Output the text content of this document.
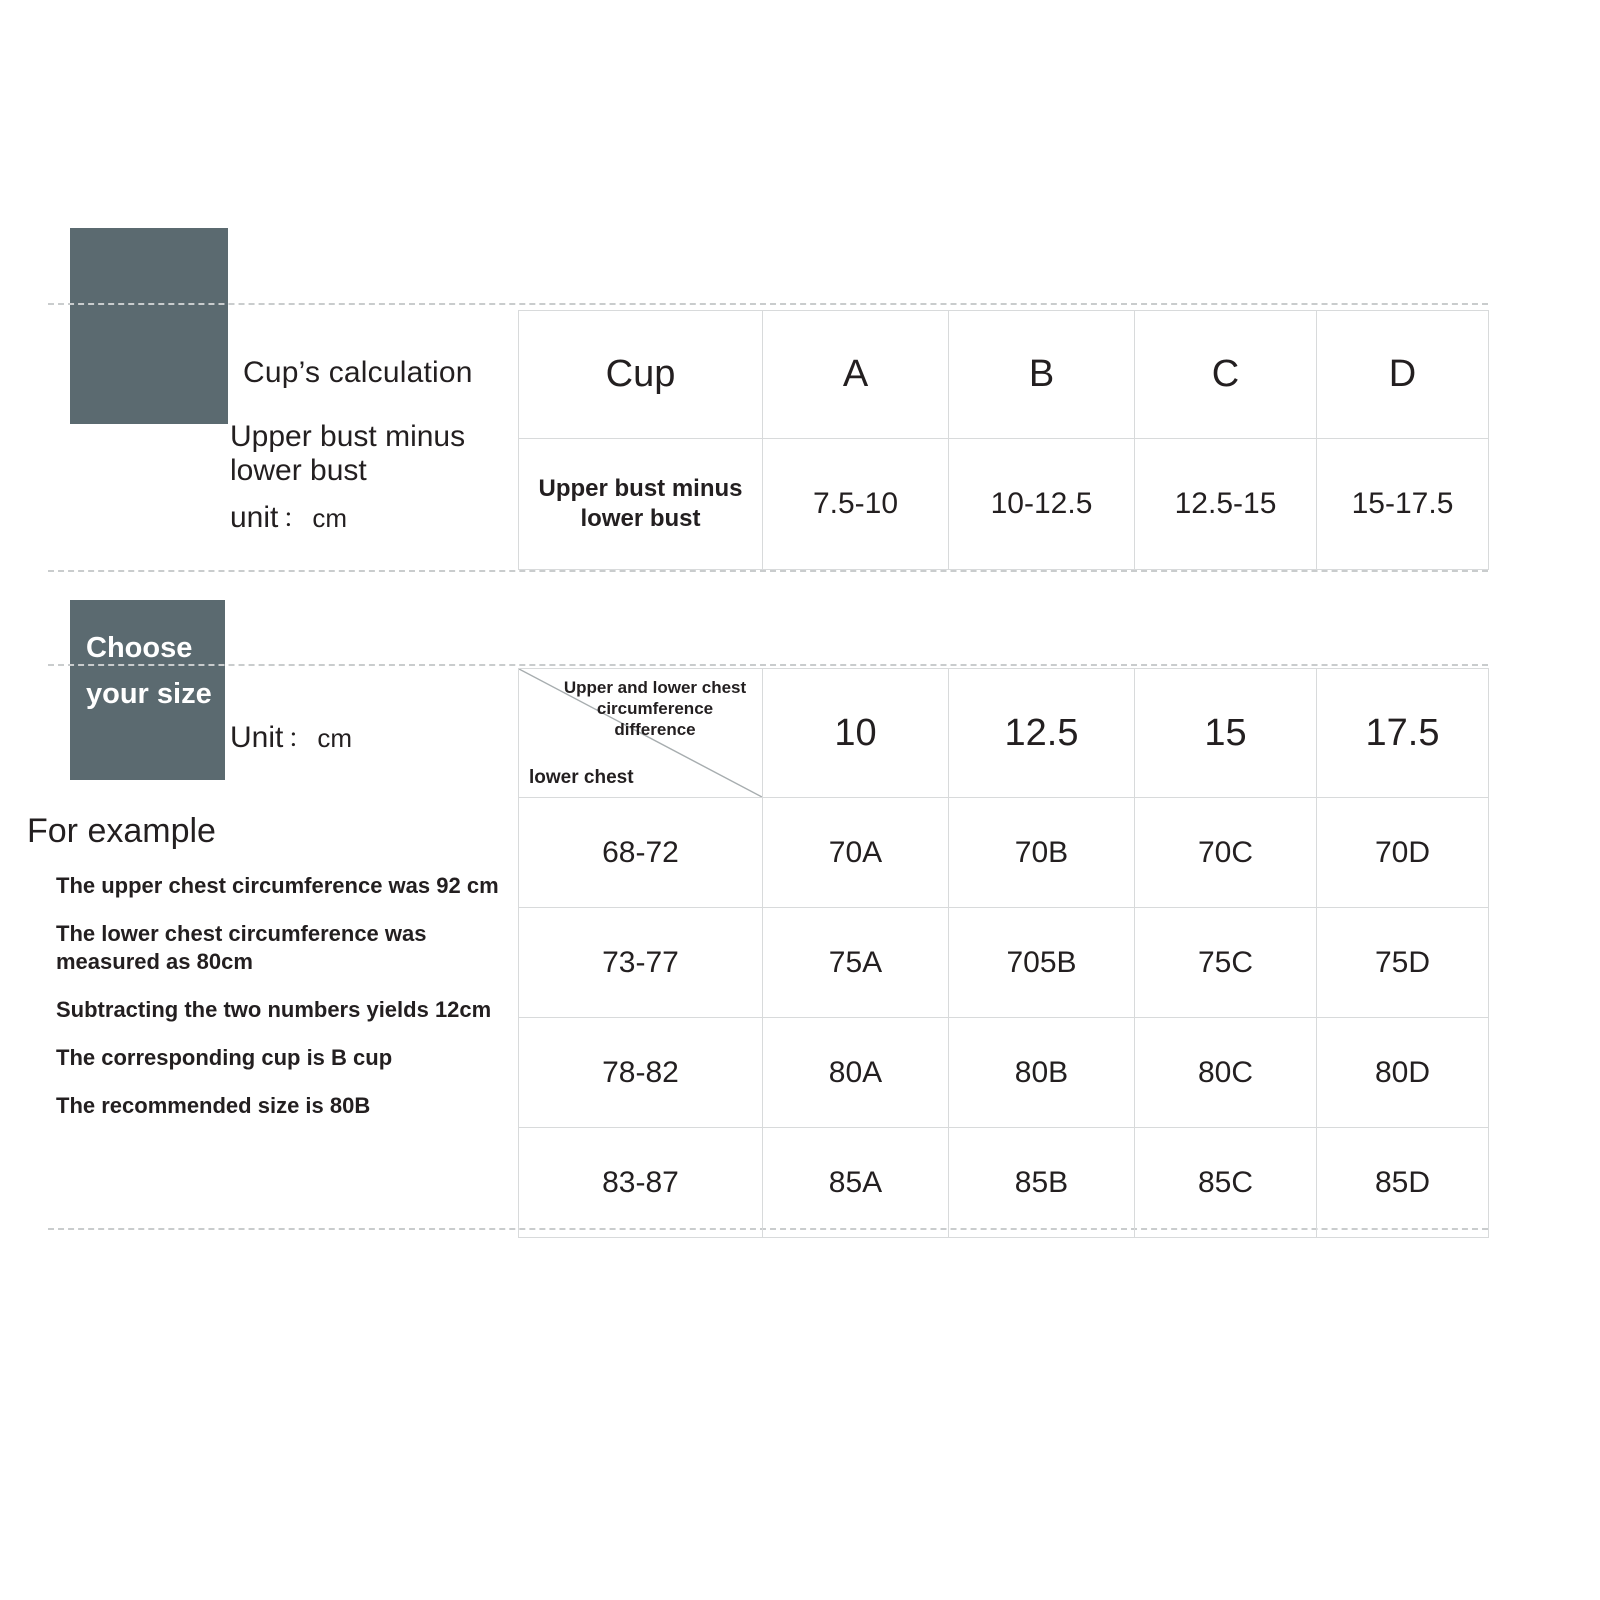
Cup’s calculation
Upper bust minus lower bust
unit ： cm
Cup	A	B	C	D
Upper bust minus lower bust	7.5-10	10-12.5	12.5-15	15-17.5
Choose your size
Unit ： cm
For example
The upper chest circumference was 92 cm
The lower chest circumference was measured as 80cm
Subtracting the two numbers yields 12cm
The corresponding cup is B cup
The recommended size is 80B
Upper and lower chest circumference difference
lower chest	10	12.5	15	17.5
68-72	70A	70B	70C	70D
73-77	75A	705B	75C	75D
78-82	80A	80B	80C	80D
83-87	85A	85B	85C	85D
